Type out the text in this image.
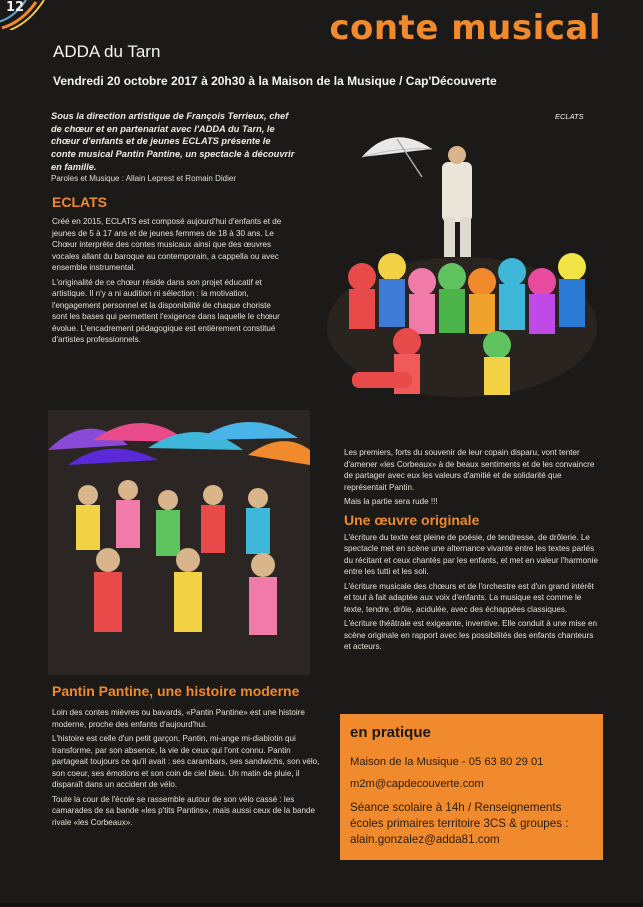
12
conte musical
ADDA du Tarn
Vendredi 20 octobre 2017 à 20h30 à la Maison de la Musique / Cap'Découverte
Sous la direction artistique de François Terrieux, chef de chœur et en partenariat avec l'ADDA du Tarn, le chœur d'enfants et de jeunes ECLATS présente le conte musical Pantin Pantine, un spectacle à découvrir en famille.
Paroles et Musique : Allain Leprest et Romain Didier
ECLATS
ECLATS

Créé en 2015, ECLATS est composé aujourd'hui d'enfants et de jeunes de 5 à 17 ans et de jeunes femmes de 18 à 30 ans. Le Chœur interprète des contes musicaux ainsi que des œuvres vocales allant du baroque au contemporain, a cappella ou avec ensemble instrumental.

L'originalité de ce chœur réside dans son projet éducatif et artistique. Il n'y a ni audition ni sélection : la motivation, l'engagement personnel et la disponibilité de chaque choriste sont les bases qui permettent l'exigence dans laquelle le chœur évolue. L'encadrement pédagogique est entièrement constitué d'artistes professionnels.

Pantin Pantine, une histoire moderne

Loin des contes mièvres ou bavards, «Pantin Pantine» est une histoire moderne, proche des enfants d'aujourd'hui.

L'histoire est celle d'un petit garçon, Pantin, mi-ange mi-diablotin qui transforme, par son absence, la vie de ceux qui l'ont connu. Pantin partageait toujours ce qu'il avait : ses carambars, ses sandwichs, son vélo, son coeur, ses émotions et son coin de ciel bleu. Un matin de pluie, il disparaît dans un accident de vélo.

Toute la cour de l'école se rassemble autour de son vélo cassé : les camarades de sa bande «les p'tits Pantins», mais aussi ceux de la bande rivale «les Corbeaux».

Les premiers, forts du souvenir de leur copain disparu, vont tenter d'amener «les Corbeaux» à de beaux sentiments et de les convaincre de partager avec eux les valeurs d'amitié et de solidarité que représentait Pantin.

Mais la partie sera rude !!!

Une œuvre originale

L'écriture du texte est pleine de poésie, de tendresse, de drôlerie. Le spectacle met en scène une alternance vivante entre les textes parlés du récitant et ceux chantés par les enfants, et met en valeur l'harmonie entre les tutti et les soli.

L'écriture musicale des chœurs et de l'orchestre est d'un grand intérêt et tout à fait adaptée aux voix d'enfants. La musique est comme le texte, tendre, drôle, acidulée, avec des échappées classiques.

L'écriture théâtrale est exigeante, inventive. Elle conduit à une mise en scène originale en rapport avec les possibilités des enfants chanteurs et acteurs.

en pratique
Maison de la Musique - 05 63 80 29 01
m2m@capdecouverte.com
Séance scolaire à 14h / Renseignements écoles primaires territoire 3CS & groupes : alain.gonzalez@adda81.com
